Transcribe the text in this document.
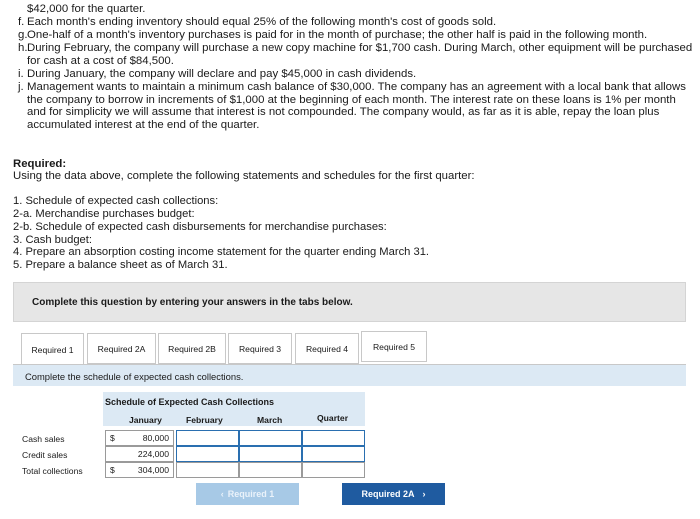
$42,000 for the quarter.
f. Each month's ending inventory should equal 25% of the following month's cost of goods sold.
g. One-half of a month's inventory purchases is paid for in the month of purchase; the other half is paid in the following month.
h. During February, the company will purchase a new copy machine for $1,700 cash. During March, other equipment will be purchased
for cash at a cost of $84,500.
i. During January, the company will declare and pay $45,000 in cash dividends.
j. Management wants to maintain a minimum cash balance of $30,000. The company has an agreement with a local bank that allows
the company to borrow in increments of $1,000 at the beginning of each month. The interest rate on these loans is 1% per month
and for simplicity we will assume that interest is not compounded. The company would, as far as it is able, repay the loan plus
accumulated interest at the end of the quarter.
Required:
Using the data above, complete the following statements and schedules for the first quarter:
1. Schedule of expected cash collections:
2-a. Merchandise purchases budget:
2-b. Schedule of expected cash disbursements for merchandise purchases:
3. Cash budget:
4. Prepare an absorption costing income statement for the quarter ending March 31.
5. Prepare a balance sheet as of March 31.
Complete this question by entering your answers in the tabs below.
Required 1	Required 2A	Required 2B	Required 3	Required 4	Required 5
Complete the schedule of expected cash collections.
Schedule of Expected Cash Collections
January	February	March	Quarter
Cash sales	$	80,000
Credit sales	224,000
Total collections	$	304,000
‹ Required 1	Required 2A ›
